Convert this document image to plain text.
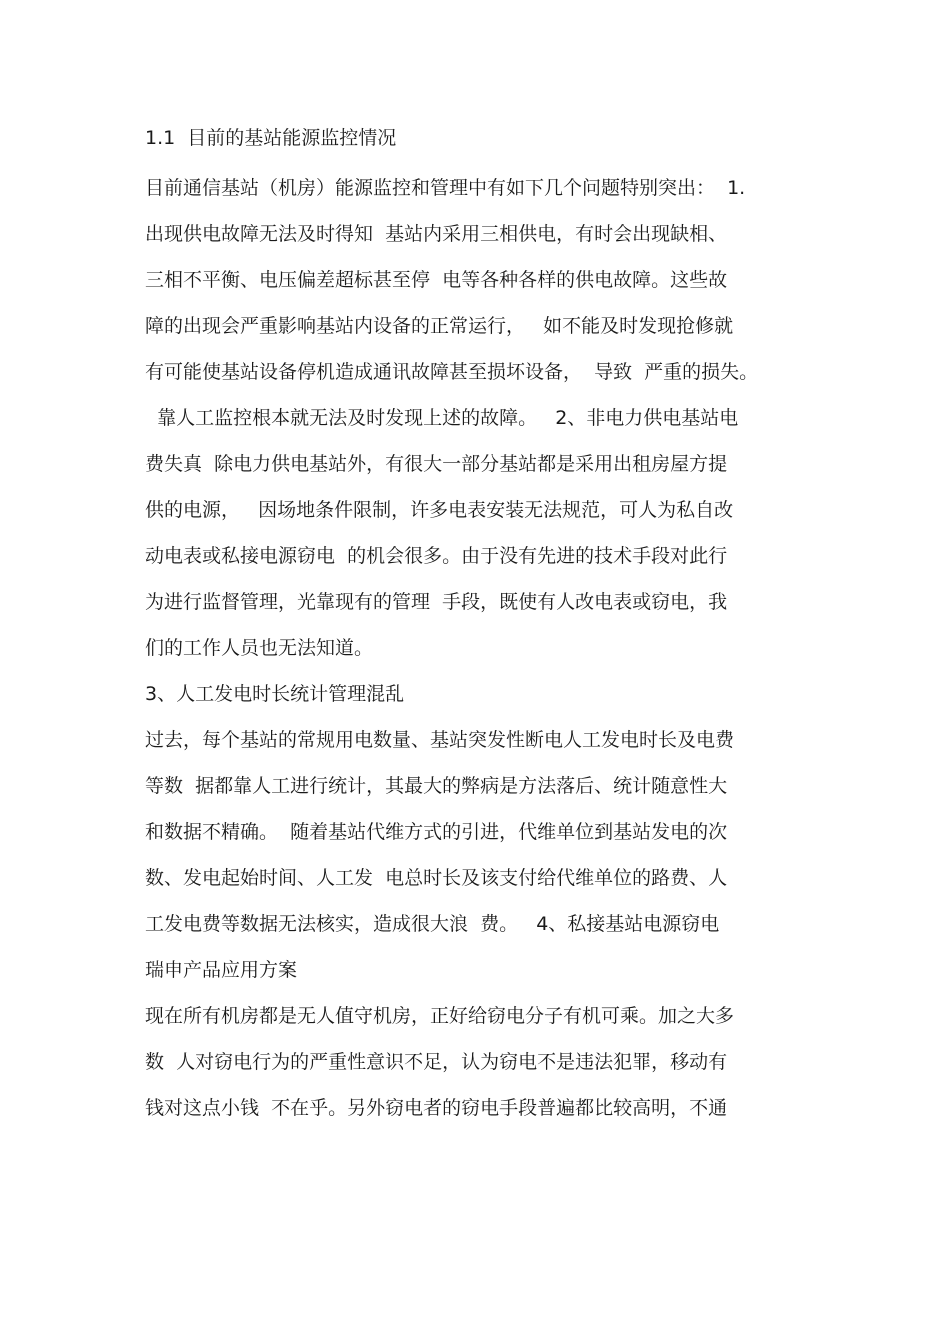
1.1  目前的基站能源监控情况
目前通信基站（机房）能源监控和管理中有如下几个问题特别突出：  1.
出现供电故障无法及时得知  基站内采用三相供电，有时会出现缺相、
三相不平衡、电压偏差超标甚至停  电等各种各样的供电故障。这些故
障的出现会严重影响基站内设备的正常运行，   如不能及时发现抢修就
有可能使基站设备停机造成通讯故障甚至损坏设备，  导致  严重的损失。
靠人工监控根本就无法及时发现上述的故障。   2、非电力供电基站电
费失真  除电力供电基站外，有很大一部分基站都是采用出租房屋方提
供的电源，   因场地条件限制，许多电表安装无法规范，可人为私自改
动电表或私接电源窃电  的机会很多。由于没有先进的技术手段对此行
为进行监督管理，光靠现有的管理  手段，既使有人改电表或窃电，我
们的工作人员也无法知道。
3、人工发电时长统计管理混乱
过去，每个基站的常规用电数量、基站突发性断电人工发电时长及电费
等数  据都靠人工进行统计，其最大的弊病是方法落后、统计随意性大
和数据不精确。  随着基站代维方式的引进，代维单位到基站发电的次
数、发电起始时间、人工发  电总时长及该支付给代维单位的路费、人
工发电费等数据无法核实，造成很大浪  费。   4、私接基站电源窃电
瑞申产品应用方案
现在所有机房都是无人值守机房，正好给窃电分子有机可乘。加之大多
数  人对窃电行为的严重性意识不足，认为窃电不是违法犯罪，移动有
钱对这点小钱  不在乎。另外窃电者的窃电手段普遍都比较高明，不通
